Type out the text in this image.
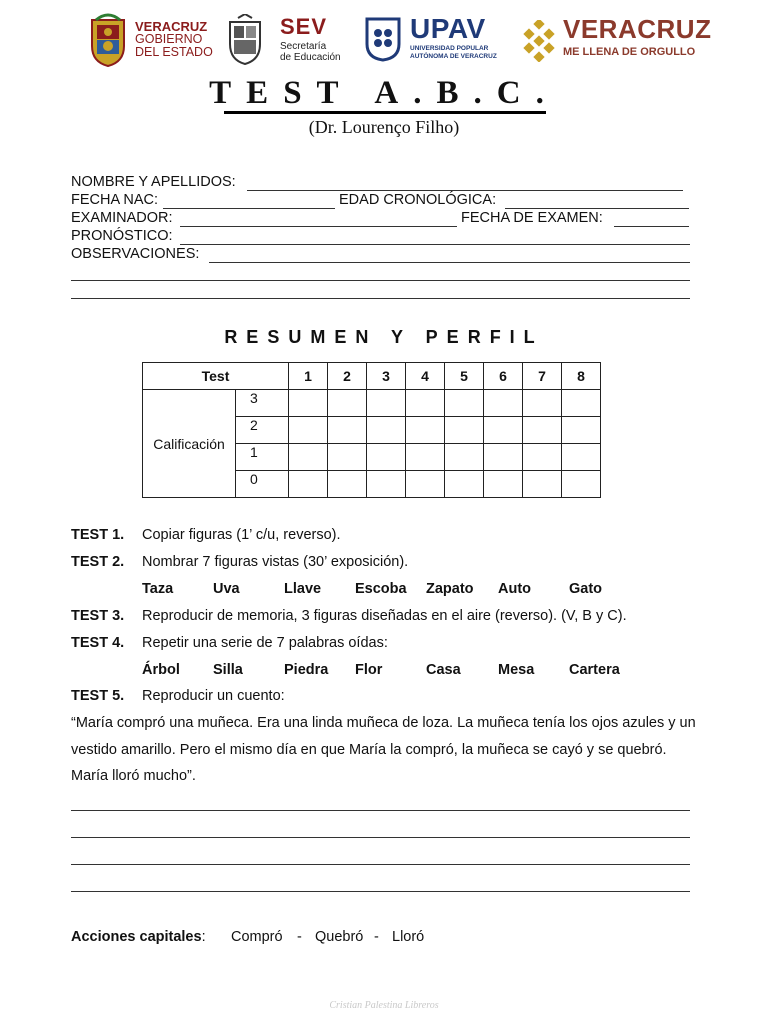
VERACRUZ
GOBIERNO
DEL ESTADO
SEV
Secretaría
de Educación
UPAV
UNIVERSIDAD POPULAR
AUTÓNOMA DE VERACRUZ
VERACRUZ
ME LLENA DE ORGULLO
TEST A.B.C.
(Dr. Lourenço Filho)
NOMBRE Y APELLIDOS:
FECHA NAC:	EDAD CRONOLÓGICA:
EXAMINADOR:	FECHA DE EXAMEN:
PRONÓSTICO:
OBSERVACIONES:
RESUMEN Y PERFIL
Test		1	2	3	4	5	6	7	8
Calificación	3								
	2								
	1								
	0								
TEST 1. Copiar figuras (1’ c/u, reverso).
TEST 2. Nombrar 7 figuras vistas (30’ exposición).
Taza	Uva	Llave Escoba Zapato Auto	Gato
TEST 3. Reproducir de memoria, 3 figuras diseñadas en el aire (reverso). (V, B y C).
TEST 4. Repetir una serie de 7 palabras oídas:
Árbol Silla	Piedra Flor	Casa	Mesa Cartera
TEST 5. Reproducir un cuento:
“María compró una muñeca. Era una linda muñeca de loza. La muñeca tenía los ojos azules y un vestido amarillo. Pero el mismo día en que María la compró, la muñeca se cayó y se quebró. María lloró mucho”.
Acciones capitales: Compró - Quebró - Lloró
Cristian Palestina Libreros
